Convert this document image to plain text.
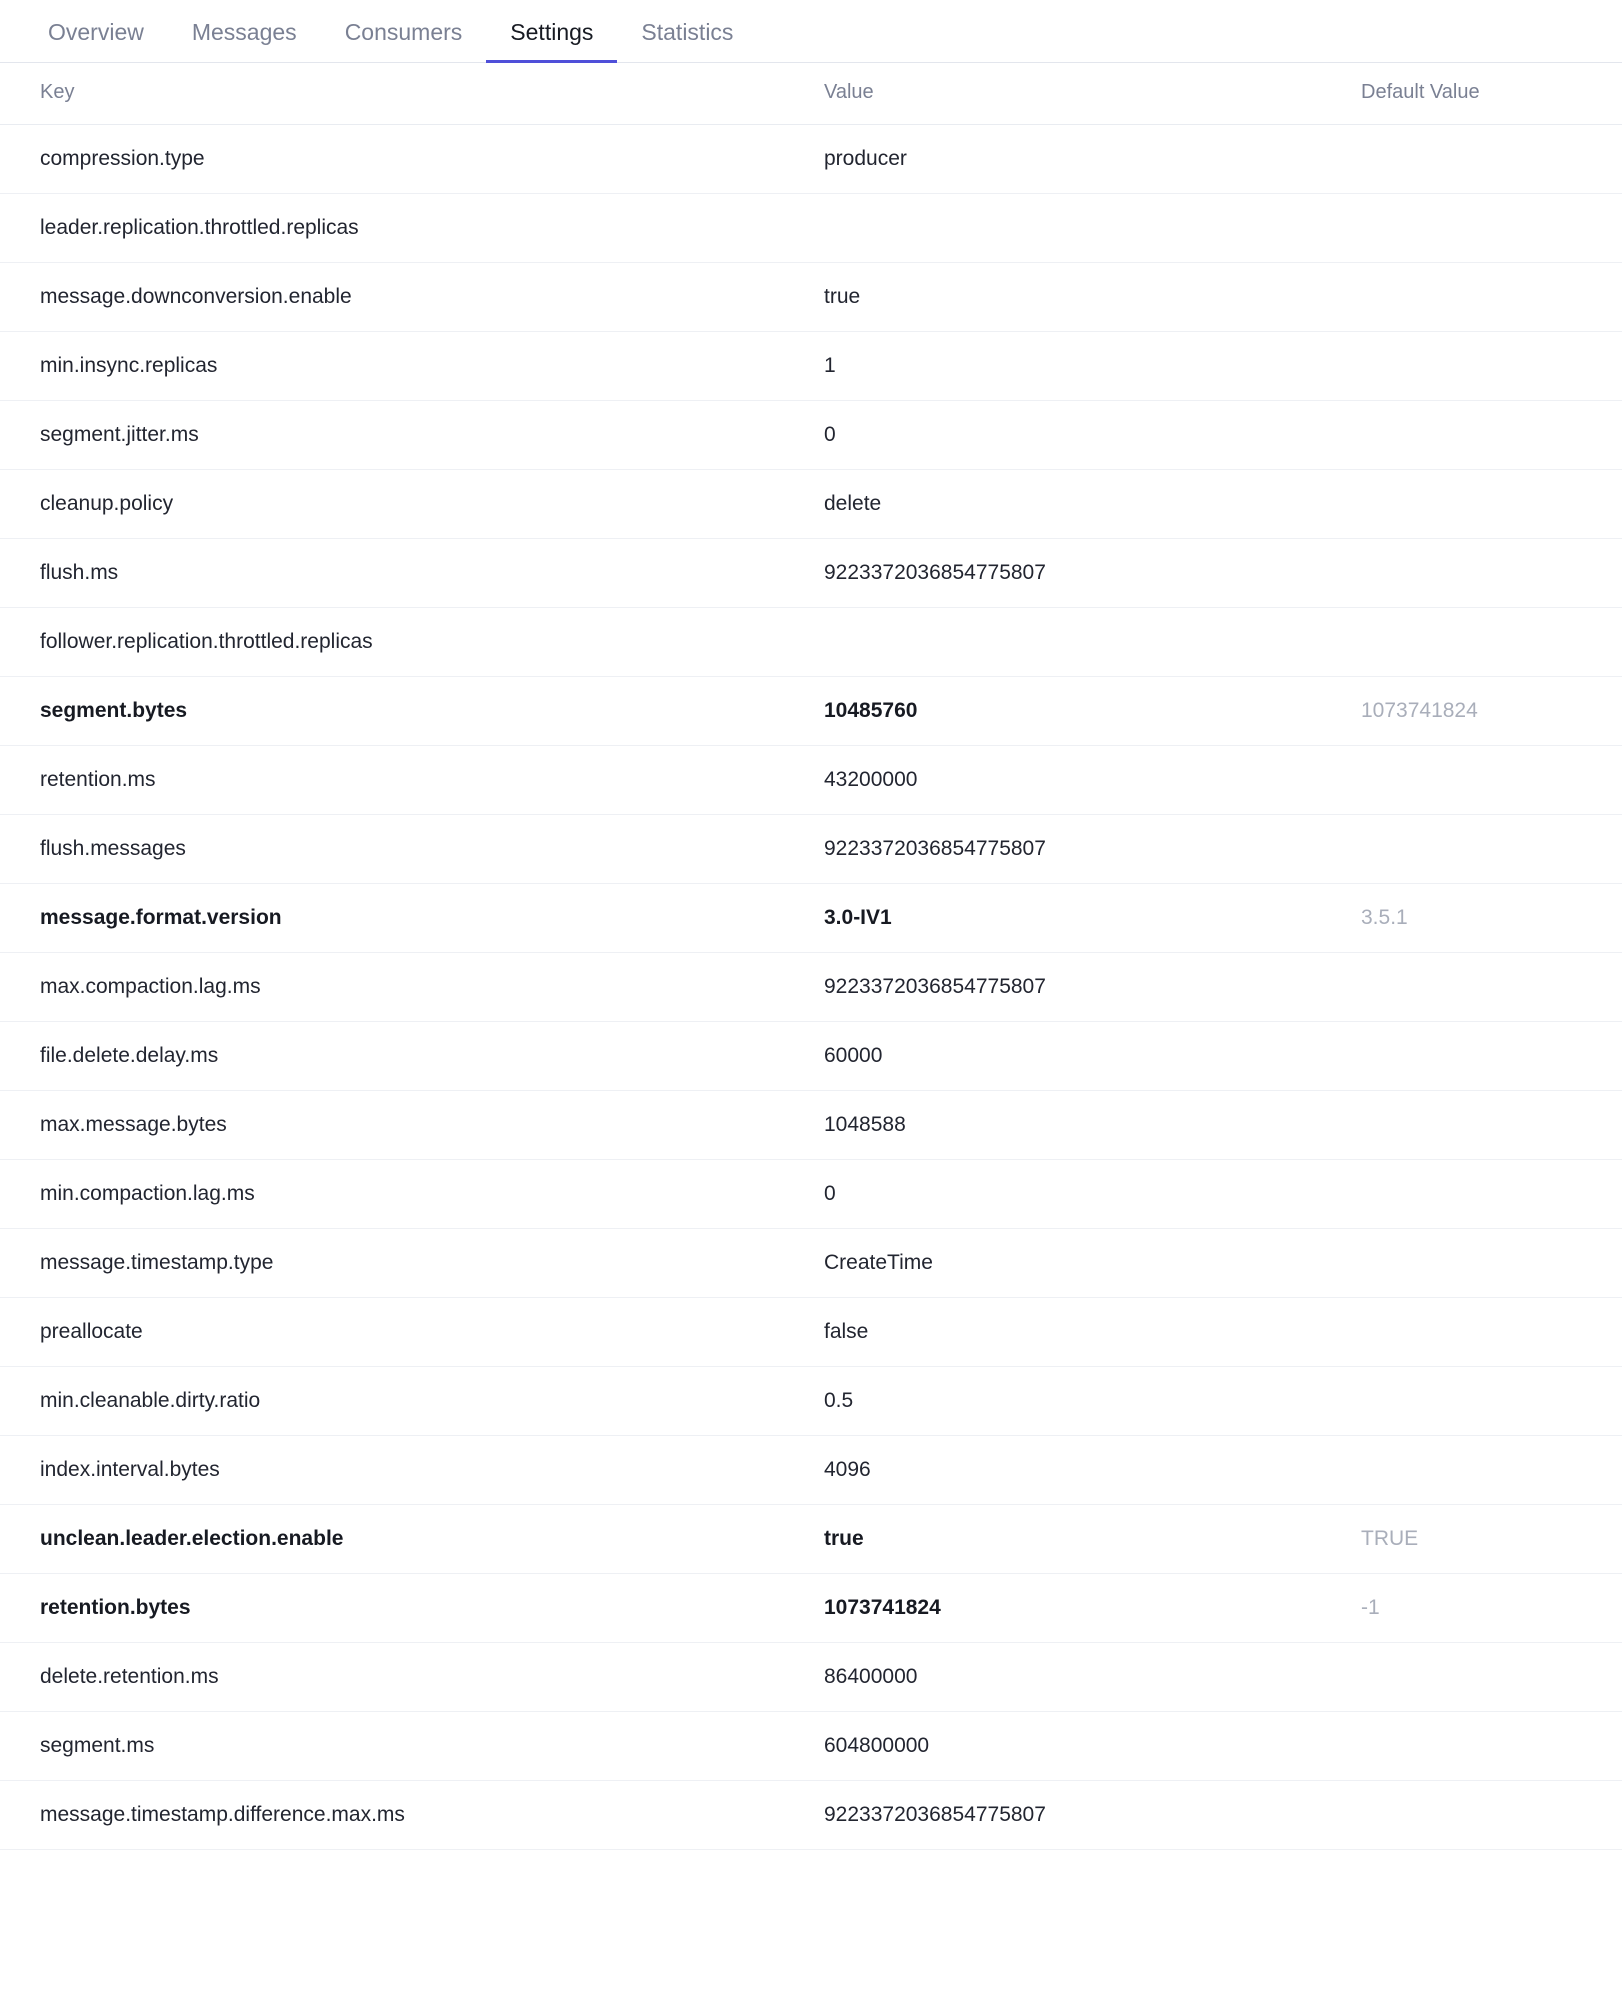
Overview	Messages	Consumers	Settings	Statistics
Key	Value	Default Value
compression.type	producer	
leader.replication.throttled.replicas		
message.downconversion.enable	true	
min.insync.replicas	1	
segment.jitter.ms	0	
cleanup.policy	delete	
flush.ms	9223372036854775807	
follower.replication.throttled.replicas		
segment.bytes	10485760	1073741824
retention.ms	43200000	
flush.messages	9223372036854775807	
message.format.version	3.0-IV1	3.5.1
max.compaction.lag.ms	9223372036854775807	
file.delete.delay.ms	60000	
max.message.bytes	1048588	
min.compaction.lag.ms	0	
message.timestamp.type	CreateTime	
preallocate	false	
min.cleanable.dirty.ratio	0.5	
index.interval.bytes	4096	
unclean.leader.election.enable	true	TRUE
retention.bytes	1073741824	-1
delete.retention.ms	86400000	
segment.ms	604800000	
message.timestamp.difference.max.ms	9223372036854775807	
